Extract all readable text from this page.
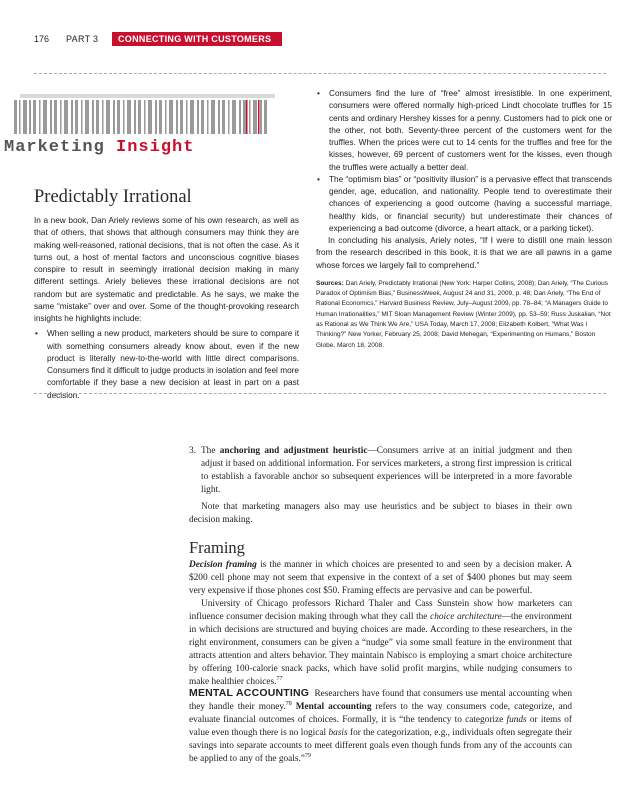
176	PART 3	CONNECTING WITH CUSTOMERS
Marketing Insight
Predictably Irrational

In a new book, Dan Ariely reviews some of his own research, as well as that of others, that shows that although consumers may think they are making well-reasoned, rational decisions, that is not often the case. As it turns out, a host of mental factors and unconscious cognitive biases conspire to result in seemingly irrational decision making in many different settings. Ariely believes these irrational decisions are not random but are systematic and predictable. As he says, we make the same “mistake” over and over. Some of the thought-provoking research insights he highlights include:

• When selling a new product, marketers should be sure to compare it with something consumers already know about, even if the new product is literally new-to-the-world with little direct comparisons. Consumers find it difficult to judge products in isolation and feel more comfortable if they base a new decision at least in part on a past decision.
• Consumers find the lure of “free” almost irresistible. In one experiment, consumers were offered normally high-priced Lindt chocolate truffles for 15 cents and ordinary Hershey kisses for a penny. Customers had to pick one or the other, not both. Seventy-three percent of the customers went for the truffles. When the prices were cut to 14 cents for the truffles and free for the kisses, however, 69 percent of customers went for the kisses, even though the truffles were actually a better deal.
• The “optimism bias” or “positivity illusion” is a pervasive effect that transcends gender, age, education, and nationality. People tend to overestimate their chances of experiencing a good outcome (having a successful marriage, healthy kids, or financial security) but underestimate their chances of experiencing a bad outcome (divorce, a heart attack, or a parking ticket).

In concluding his analysis, Ariely notes, “If I were to distill one main lesson from the research described in this book, it is that we are all pawns in a game whose forces we largely fail to comprehend.”

Sources: Dan Ariely, Predictably Irrational (New York: Harper Collins, 2008); Dan Ariely, “The Curious Paradox of Optimism Bias,” BusinessWeek, August 24 and 31, 2009, p. 48; Dan Ariely, “The End of Rational Economics,” Harvard Business Review, July–August 2009, pp. 78–84; “A Managers Guide to Human Irrationalities,” MIT Sloan Management Review (Winter 2009), pp. 53–59; Russ Juskalian, “Not as Rational as We Think We Are,” USA Today, March 17, 2008; Elizabeth Kolbert, “What Was I Thinking?” New Yorker, February 25, 2008; David Mehegan, “Experimenting on Humans,” Boston Globe, March 18, 2008.

3. The anchoring and adjustment heuristic—Consumers arrive at an initial judgment and then adjust it based on additional information. For services marketers, a strong first impression is critical to establish a favorable anchor so subsequent experiences will be interpreted in a more favorable light.

Note that marketing managers also may use heuristics and be subject to biases in their own decision making.

Framing

Decision framing is the manner in which choices are presented to and seen by a decision maker. A $200 cell phone may not seem that expensive in the context of a set of $400 phones but may seem very expensive if those phones cost $50. Framing effects are pervasive and can be powerful.

University of Chicago professors Richard Thaler and Cass Sunstein show how marketers can influence consumer decision making through what they call the choice architecture—the environment in which decisions are structured and buying choices are made. According to these researchers, in the right environment, consumers can be given a “nudge” via some small feature in the environment that attracts attention and alters behavior. They maintain Nabisco is employing a smart choice architecture by offering 100-calorie snack packs, which have solid profit margins, while nudging consumers to make healthier choices.$^{77}$

MENTAL ACCOUNTING Researchers have found that consumers use mental accounting when they handle their money.$^{78}$ Mental accounting refers to the way consumers code, categorize, and evaluate financial outcomes of choices. Formally, it is “the tendency to categorize funds or items of value even though there is no logical basis for the categorization, e.g., individuals often segregate their savings into separate accounts to meet different goals even though funds from any of the accounts can be applied to any of the goals.”$^{79}$
